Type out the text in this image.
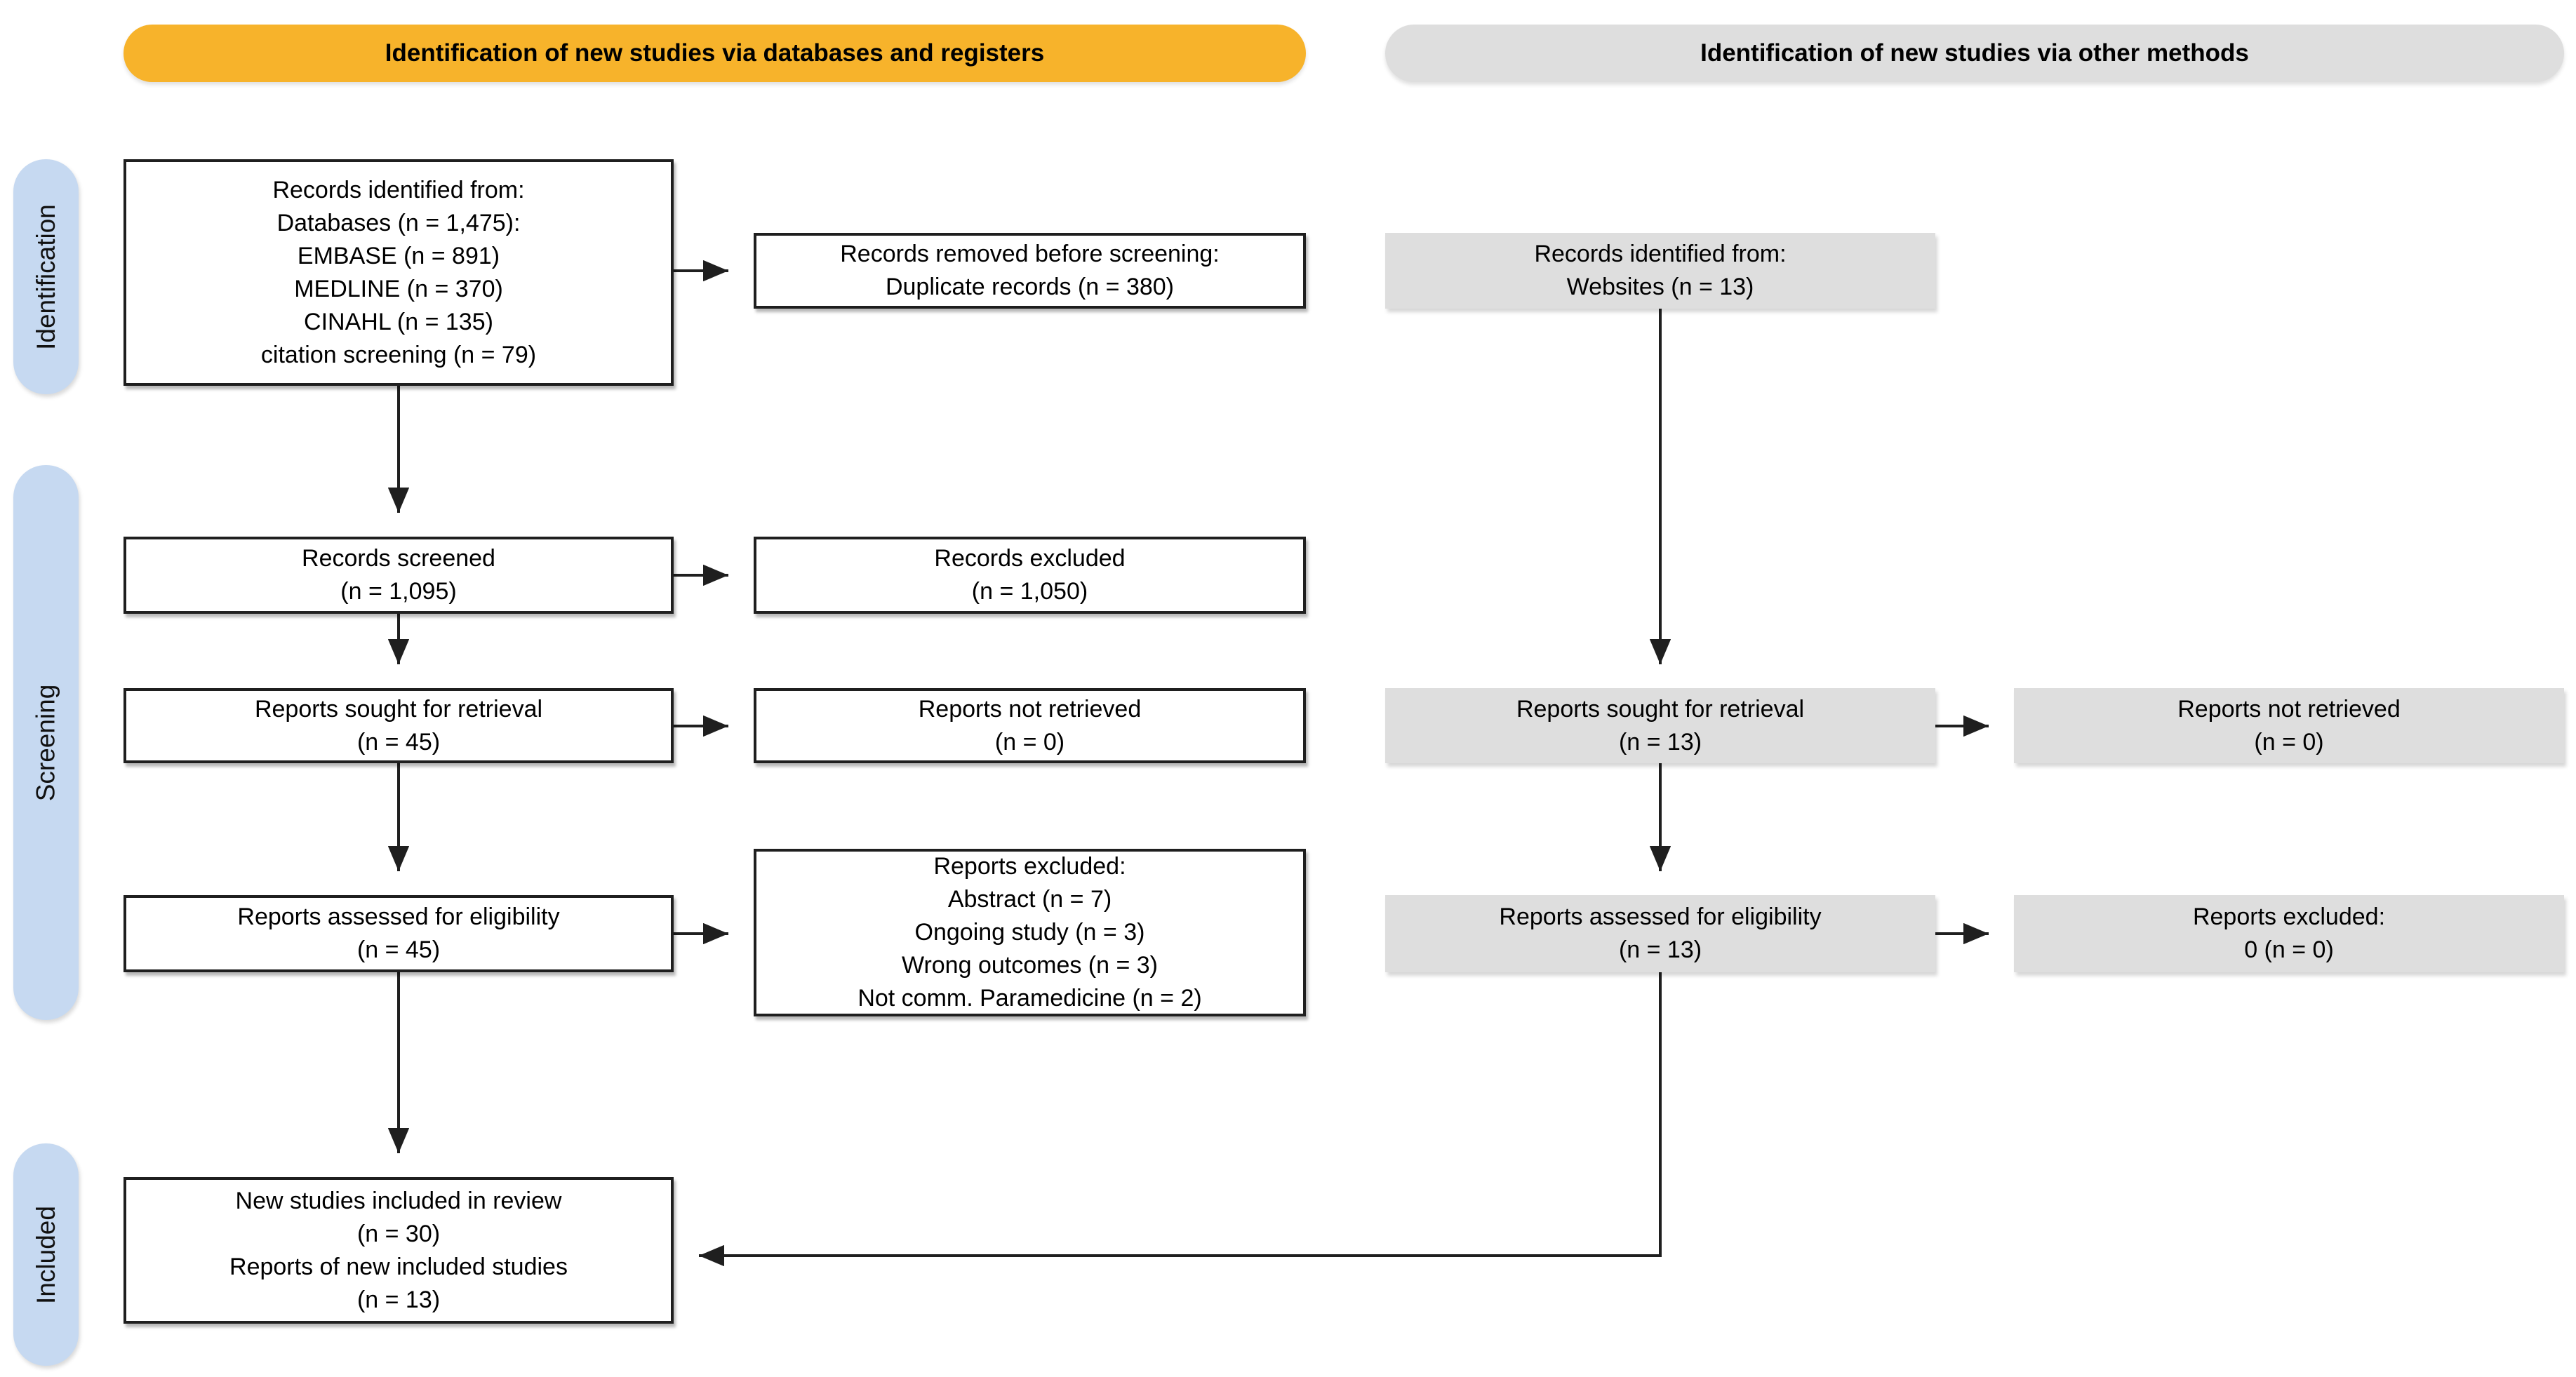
Identification of new studies via databases and registers	Identification of new studies via other methods
Identification
Screening
Included
Records identified from:
Databases (n = 1,475):
EMBASE (n = 891)
MEDLINE (n = 370)
CINAHL (n = 135)
citation screening (n = 79)
Records removed before screening:
Duplicate records (n = 380)
Records identified from:
Websites (n = 13)
Records screened
(n = 1,095)
Records excluded
(n = 1,050)
Reports sought for retrieval
(n = 45)
Reports not retrieved
(n = 0)
Reports sought for retrieval
(n = 13)
Reports not retrieved
(n = 0)
Reports assessed for eligibility
(n = 45)
Reports excluded:
Abstract (n = 7)
Ongoing study (n = 3)
Wrong outcomes (n = 3)
Not comm. Paramedicine (n = 2)
Reports assessed for eligibility
(n = 13)
Reports excluded:
0 (n = 0)
New studies included in review
(n = 30)
Reports of new included studies
(n = 13)
